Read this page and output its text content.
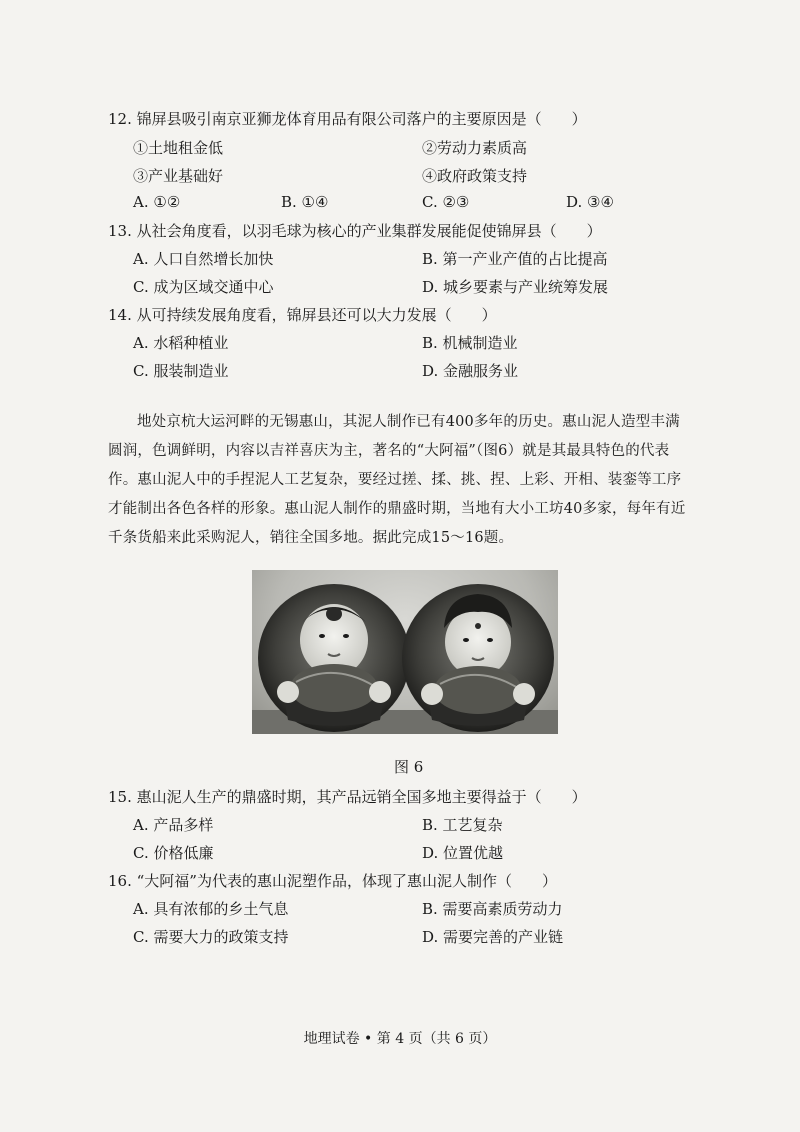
12. 锦屏县吸引南京亚狮龙体育用品有限公司落户的主要原因是（　　）
①土地租金低	②劳动力素质高
③产业基础好	④政府政策支持
A. ①②	B. ①④	C. ②③	D. ③④
13. 从社会角度看，以羽毛球为核心的产业集群发展能促使锦屏县（　　）
A. 人口自然增长加快	B. 第一产业产值的占比提高
C. 成为区域交通中心	D. 城乡要素与产业统筹发展
14. 从可持续发展角度看，锦屏县还可以大力发展（　　）
A. 水稻种植业	B. 机械制造业
C. 服装制造业	D. 金融服务业
地处京杭大运河畔的无锡惠山，其泥人制作已有400多年的历史。惠山泥人造型丰满圆润，色调鲜明，内容以吉祥喜庆为主，著名的“大阿福”（图6）就是其最具特色的代表作。惠山泥人中的手捏泥人工艺复杂，要经过搓、揉、挑、捏、上彩、开相、装銮等工序才能制出各色各样的形象。惠山泥人制作的鼎盛时期，当地有大小工坊40多家，每年有近千条货船来此采购泥人，销往全国多地。据此完成15～16题。
图 6
15. 惠山泥人生产的鼎盛时期，其产品远销全国多地主要得益于（　　）
A. 产品多样	B. 工艺复杂
C. 价格低廉	D. 位置优越
16. “大阿福”为代表的惠山泥塑作品，体现了惠山泥人制作（　　）
A. 具有浓郁的乡土气息	B. 需要高素质劳动力
C. 需要大力的政策支持	D. 需要完善的产业链
地理试卷 • 第 4 页（共 6 页）
